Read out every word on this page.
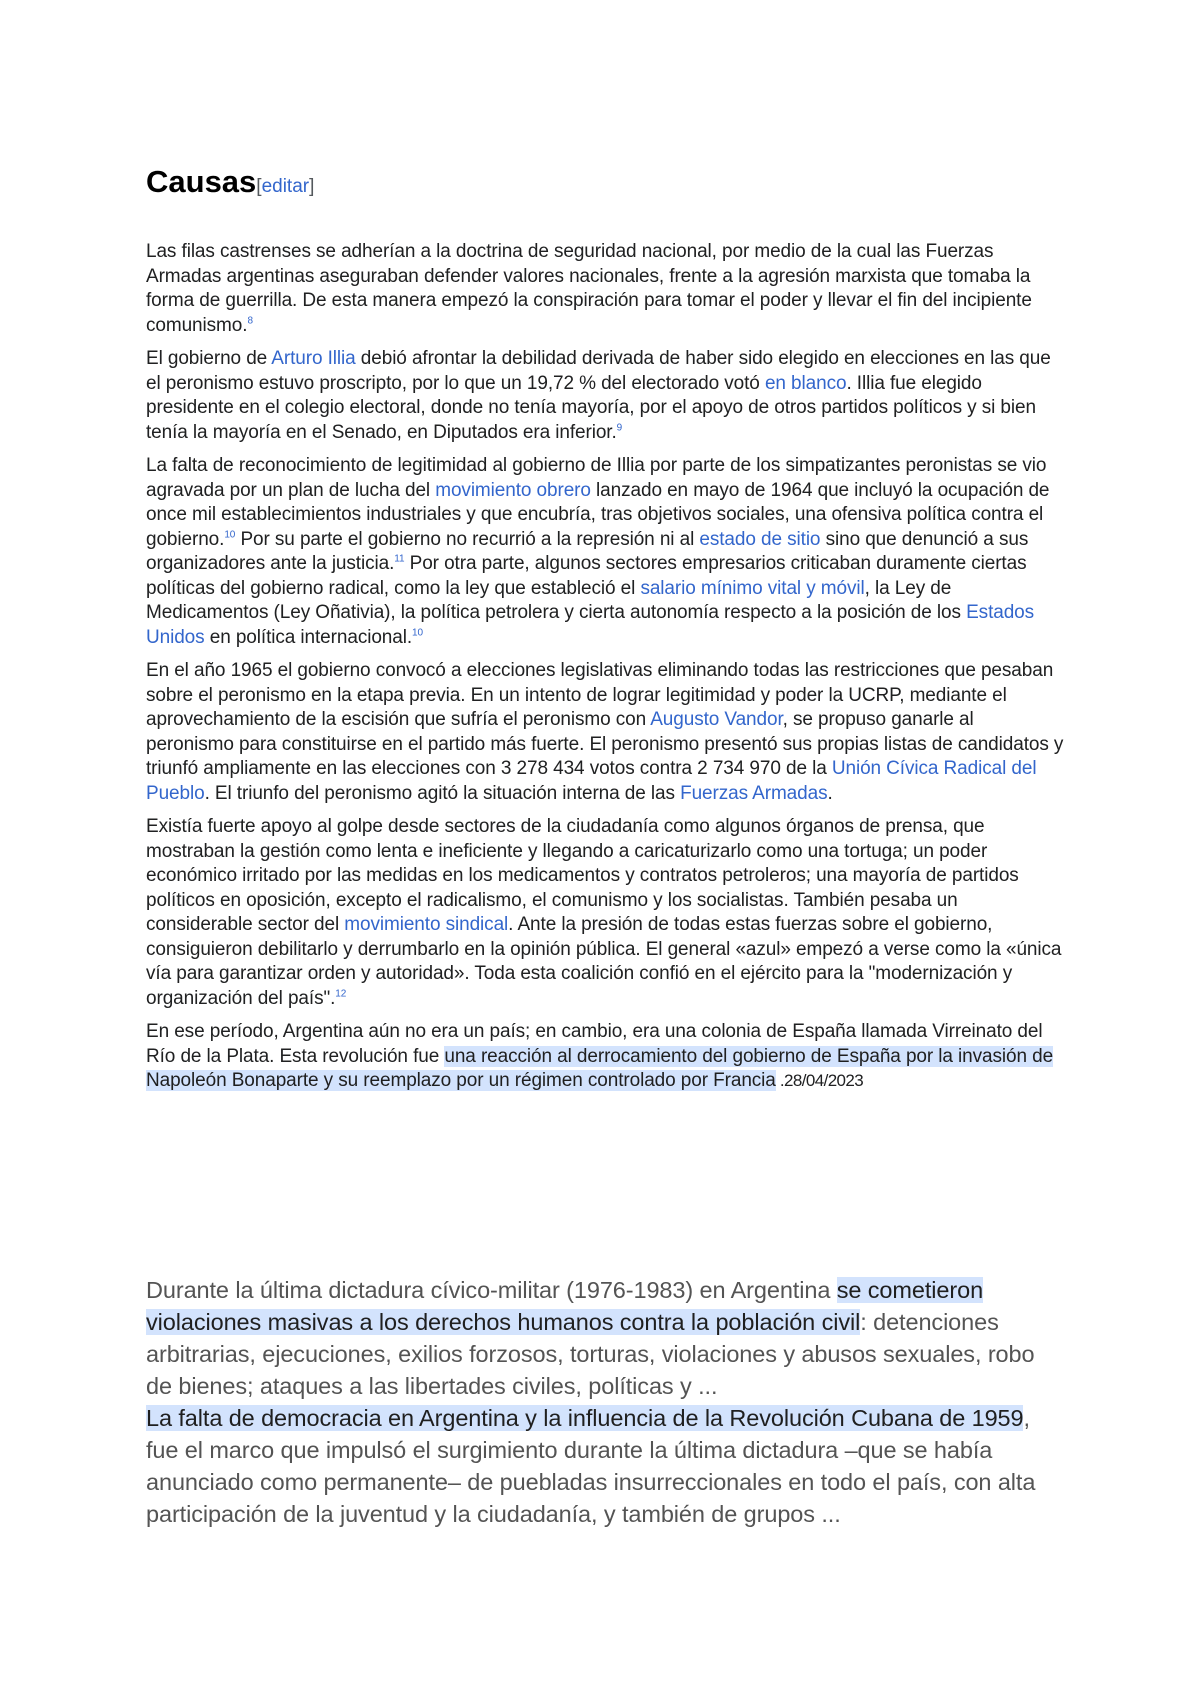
Causas[editar]

Las filas castrenses se adherían a la doctrina de seguridad nacional, por medio de la cual las Fuerzas Armadas argentinas aseguraban defender valores nacionales, frente a la agresión marxista que tomaba la forma de guerrilla. De esta manera empezó la conspiración para tomar el poder y llevar el fin del incipiente comunismo.$^8$

El gobierno de Arturo Illia debió afrontar la debilidad derivada de haber sido elegido en elecciones en las que el peronismo estuvo proscripto, por lo que un 19,72 % del electorado votó en blanco. Illia fue elegido presidente en el colegio electoral, donde no tenía mayoría, por el apoyo de otros partidos políticos y si bien tenía la mayoría en el Senado, en Diputados era inferior.$^9$

La falta de reconocimiento de legitimidad al gobierno de Illia por parte de los simpatizantes peronistas se vio agravada por un plan de lucha del movimiento obrero lanzado en mayo de 1964 que incluyó la ocupación de once mil establecimientos industriales y que encubría, tras objetivos sociales, una ofensiva política contra el gobierno.$^{10}$ Por su parte el gobierno no recurrió a la represión ni al estado de sitio sino que denunció a sus organizadores ante la justicia.$^{11}$ Por otra parte, algunos sectores empresarios criticaban duramente ciertas políticas del gobierno radical, como la ley que estableció el salario mínimo vital y móvil, la Ley de Medicamentos (Ley Oñativia), la política petrolera y cierta autonomía respecto a la posición de los Estados Unidos en política internacional.$^{10}$

En el año 1965 el gobierno convocó a elecciones legislativas eliminando todas las restricciones que pesaban sobre el peronismo en la etapa previa. En un intento de lograr legitimidad y poder la UCRP, mediante el aprovechamiento de la escisión que sufría el peronismo con Augusto Vandor, se propuso ganarle al peronismo para constituirse en el partido más fuerte. El peronismo presentó sus propias listas de candidatos y triunfó ampliamente en las elecciones con 3 278 434 votos contra 2 734 970 de la Unión Cívica Radical del Pueblo. El triunfo del peronismo agitó la situación interna de las Fuerzas Armadas.

Existía fuerte apoyo al golpe desde sectores de la ciudadanía como algunos órganos de prensa, que mostraban la gestión como lenta e ineficiente y llegando a caricaturizarlo como una tortuga; un poder económico irritado por las medidas en los medicamentos y contratos petroleros; una mayoría de partidos políticos en oposición, excepto el radicalismo, el comunismo y los socialistas. También pesaba un considerable sector del movimiento sindical. Ante la presión de todas estas fuerzas sobre el gobierno, consiguieron debilitarlo y derrumbarlo en la opinión pública. El general «azul» empezó a verse como la «única vía para garantizar orden y autoridad». Toda esta coalición confió en el ejército para la "modernización y organización del país".$^{12}$

En ese período, Argentina aún no era un país; en cambio, era una colonia de España llamada Virreinato del Río de la Plata. Esta revolución fue una reacción al derrocamiento del gobierno de España por la invasión de Napoleón Bonaparte y su reemplazo por un régimen controlado por Francia .28/04/2023

Durante la última dictadura cívico-militar (1976-1983) en Argentina se cometieron violaciones masivas a los derechos humanos contra la población civil: detenciones arbitrarias, ejecuciones, exilios forzosos, torturas, violaciones y abusos sexuales, robo de bienes; ataques a las libertades civiles, políticas y ...

La falta de democracia en Argentina y la influencia de la Revolución Cubana de 1959, fue el marco que impulsó el surgimiento durante la última dictadura –que se había anunciado como permanente– de puebladas insurreccionales en todo el país, con alta participación de la juventud y la ciudadanía, y también de grupos ...
